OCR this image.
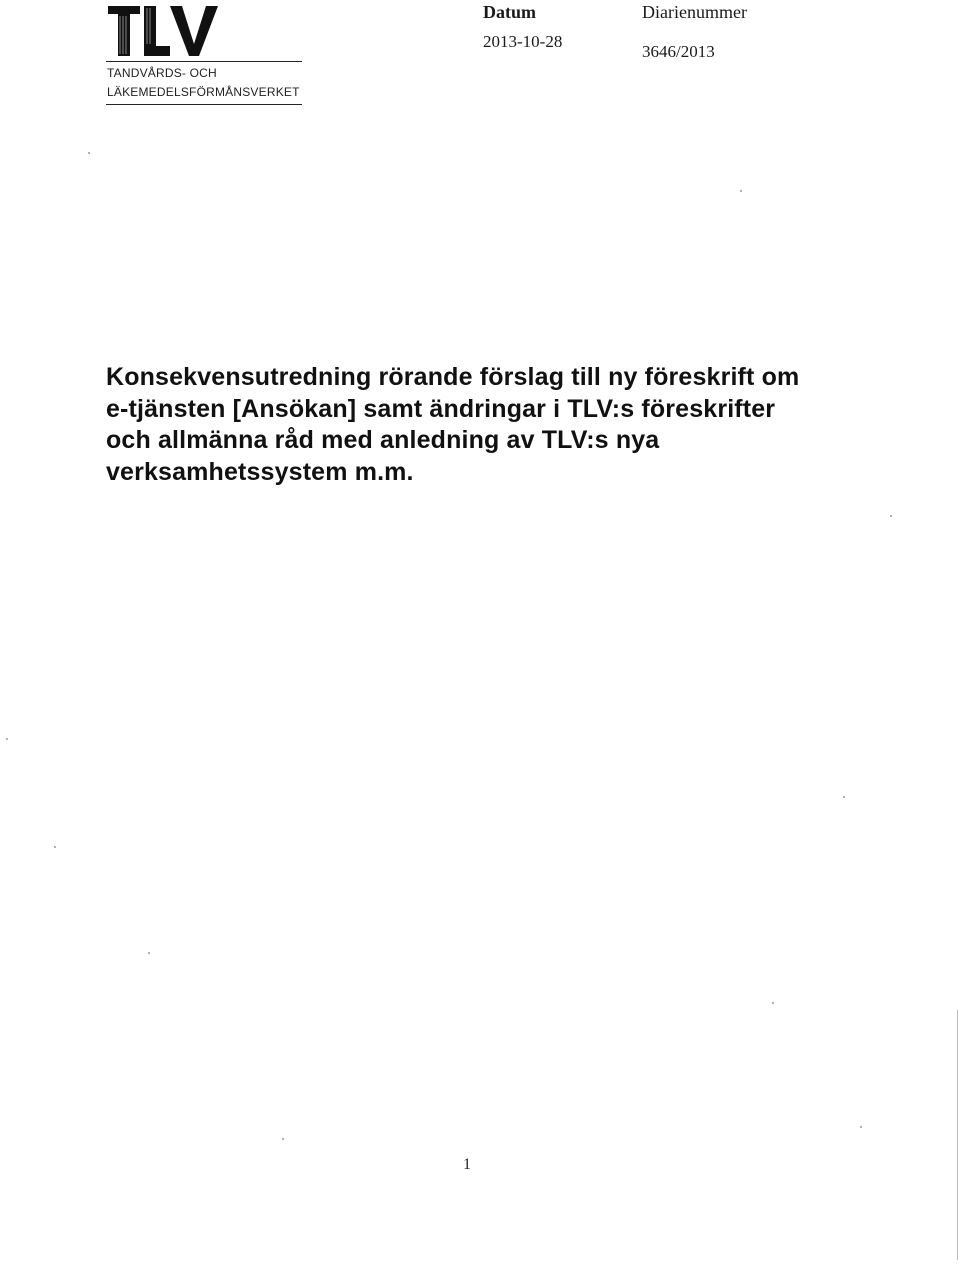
TANDVÅRDS- OCH
LÄKEMEDELSFÖRMÅNSVERKET
Datum
2013-10-28
Diarienummer
3646/2013
Konsekvensutredning rörande förslag till ny föreskrift om
e-tjänsten [Ansökan] samt ändringar i TLV:s föreskrifter
och allmänna råd med anledning av TLV:s nya
verksamhetssystem m.m.
1
